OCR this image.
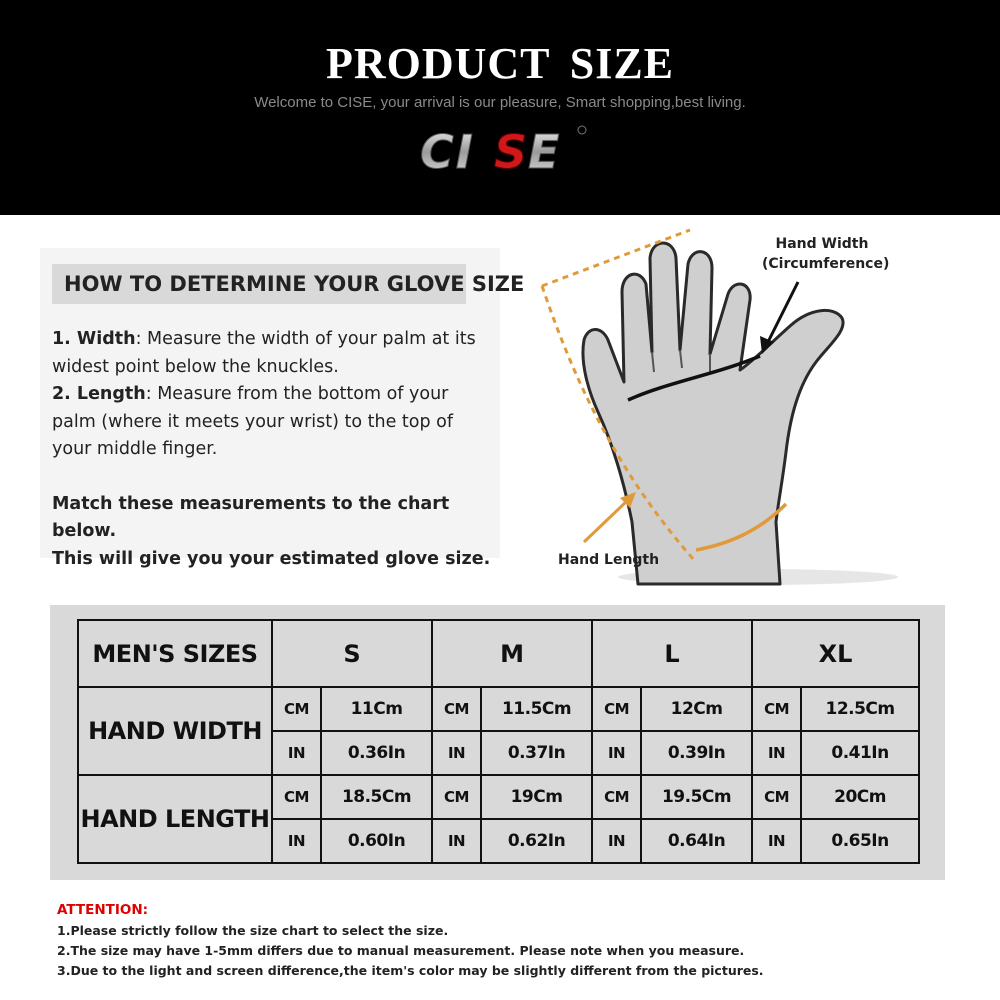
PRODUCT SIZE
Welcome to CISE, your arrival is our pleasure, Smart shopping,best living.
CI S E
HOW TO DETERMINE YOUR GLOVE SIZE

1. Width: Measure the width of your palm at its widest point below the knuckles.

2. Length: Measure from the bottom of your palm (where it meets your wrist) to the top of your middle finger.

Match these measurements to the chart below.

This will give you your estimated glove size.

Hand Width
(Circumference)
Hand Length
MEN'S SIZES	S		M		L		XL	
HAND WIDTH	CM	11Cm	CM	11.5Cm	CM	12Cm	CM	12.5Cm
	IN	0.36In	IN	0.37In	IN	0.39In	IN	0.41In
HAND LENGTH	CM	18.5Cm	CM	19Cm	CM	19.5Cm	CM	20Cm
	IN	0.60In	IN	0.62In	IN	0.64In	IN	0.65In
ATTENTION:
1.Please strictly follow the size chart to select the size.
2.The size may have 1-5mm differs due to manual measurement. Please note when you measure.
3.Due to the light and screen difference,the item's color may be slightly different from the pictures.
